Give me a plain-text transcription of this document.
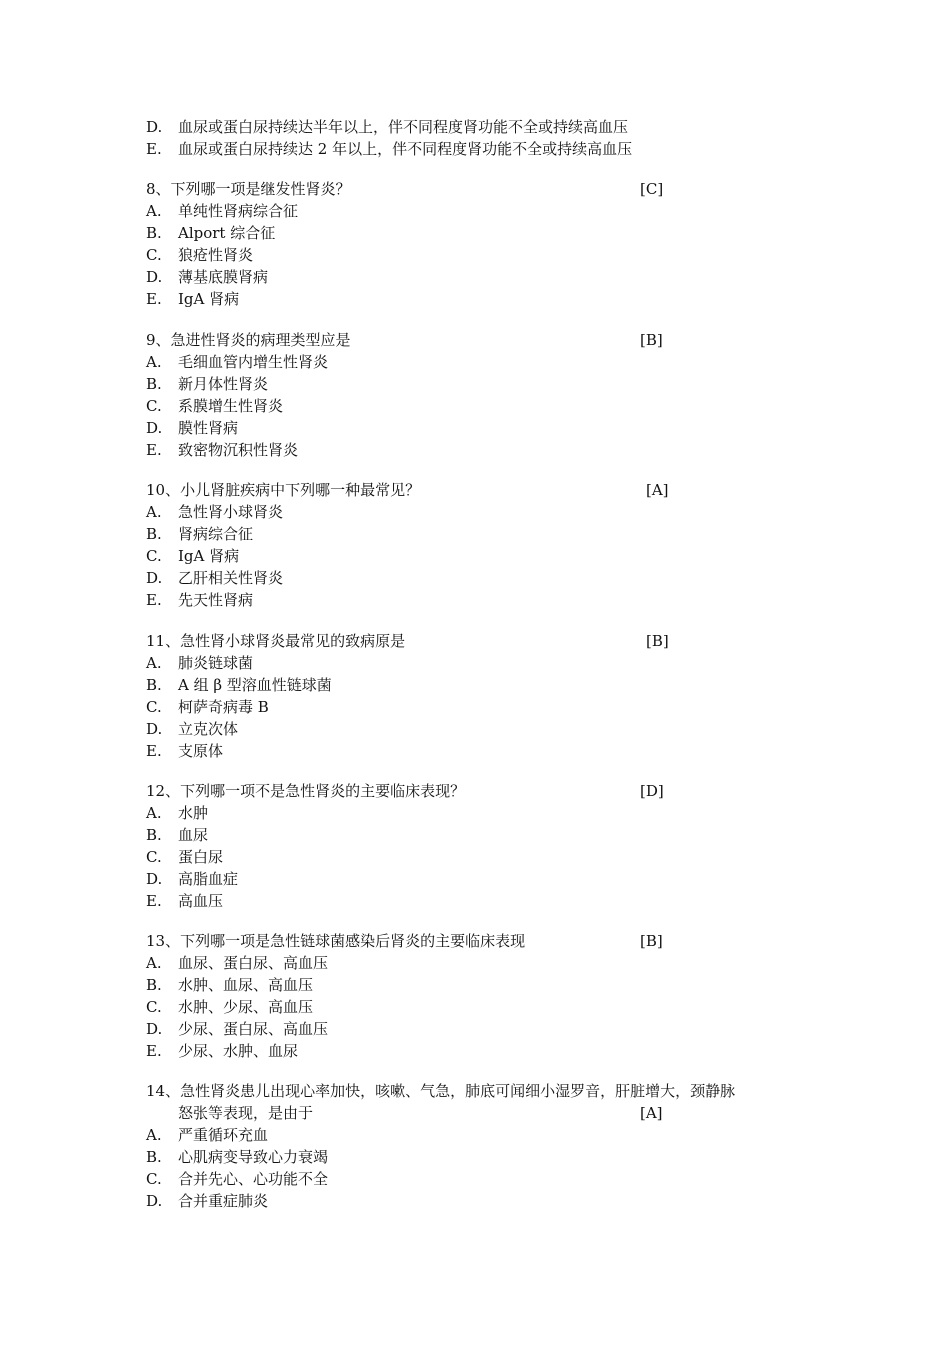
D. 血尿或蛋白尿持续达半年以上，伴不同程度肾功能不全或持续高血压
E. 血尿或蛋白尿持续达 2 年以上，伴不同程度肾功能不全或持续高血压
8、下列哪一项是继发性肾炎？	[C]
A. 单纯性肾病综合征
B. Alport 综合征
C. 狼疮性肾炎
D. 薄基底膜肾病
E. IgA 肾病
9、急进性肾炎的病理类型应是	[B]
A. 毛细血管内增生性肾炎
B. 新月体性肾炎
C. 系膜增生性肾炎
D. 膜性肾病
E. 致密物沉积性肾炎
10、小儿肾脏疾病中下列哪一种最常见？	[A]
A. 急性肾小球肾炎
B. 肾病综合征
C. IgA 肾病
D. 乙肝相关性肾炎
E. 先天性肾病
11、急性肾小球肾炎最常见的致病原是	[B]
A. 肺炎链球菌
B. A 组 β 型溶血性链球菌
C. 柯萨奇病毒 B
D. 立克次体
E. 支原体
12、下列哪一项不是急性肾炎的主要临床表现？	[D]
A. 水肿
B. 血尿
C. 蛋白尿
D. 高脂血症
E. 高血压
13、下列哪一项是急性链球菌感染后肾炎的主要临床表现	[B]
A. 血尿、蛋白尿、高血压
B. 水肿、血尿、高血压
C. 水肿、少尿、高血压
D. 少尿、蛋白尿、高血压
E. 少尿、水肿、血尿
14、急性肾炎患儿出现心率加快，咳嗽、气急，肺底可闻细小湿罗音，肝脏增大，颈静脉
怒张等表现，是由于	[A]
A. 严重循环充血
B. 心肌病变导致心力衰竭
C. 合并先心、心功能不全
D. 合并重症肺炎
